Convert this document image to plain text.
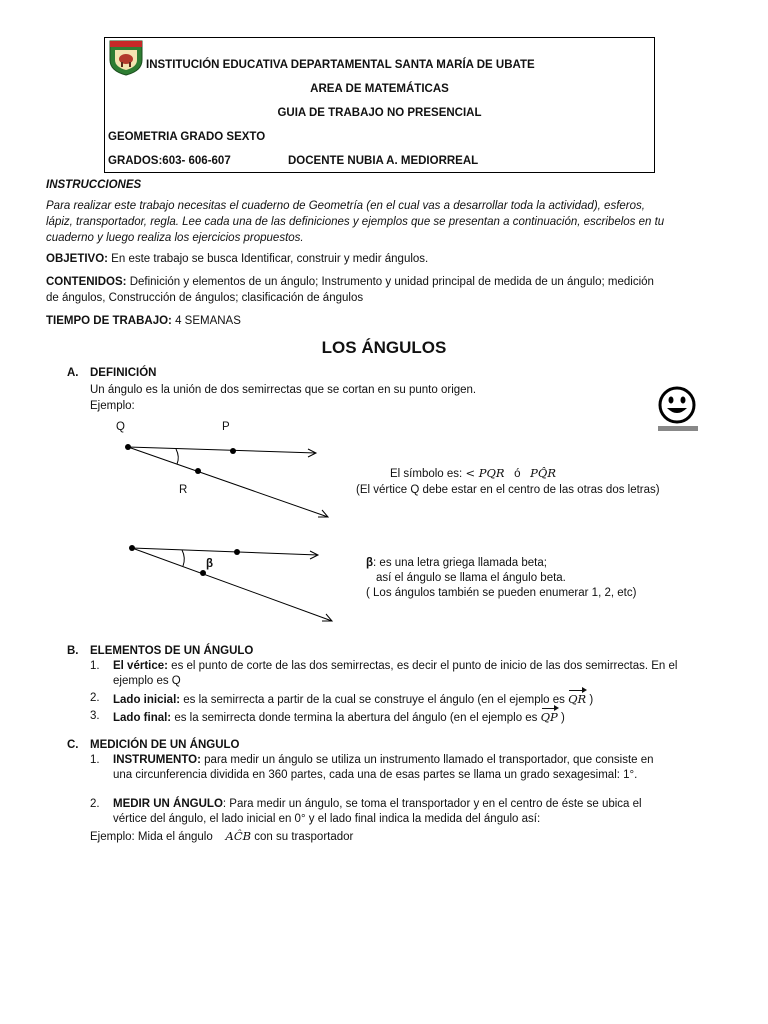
INSTITUCIÓN EDUCATIVA DEPARTAMENTAL SANTA MARÍA DE UBATE
AREA DE MATEMÁTICAS
GUIA DE TRABAJO NO PRESENCIAL
GEOMETRIA GRADO SEXTO
GRADOS:603- 606-607	DOCENTE NUBIA A. MEDIORREAL
INSTRUCCIONES
Para realizar este trabajo necesitas el cuaderno de Geometría (en el cual vas a desarrollar toda la actividad), esferos,
lápiz, transportador, regla. Lee cada una de las definiciones y ejemplos que se presentan a continuación, escribelos en tu
cuaderno y luego realiza los ejercicios propuestos.
OBJETIVO: En este trabajo se busca Identificar, construir y medir ángulos.
CONTENIDOS: Definición y elementos de un ángulo; Instrumento y unidad principal de medida de un ángulo; medición
de ángulos, Construcción de ángulos; clasificación de ángulos
TIEMPO DE TRABAJO: 4 SEMANAS
LOS ÁNGULOS
A. DEFINICIÓN
Un ángulo es la unión de dos semirrectas que se cortan en su punto origen.
Ejemplo:
Q	P
R
El símbolo es: < PQR ó PQ̂R
(El vértice Q debe estar en el centro de las otras dos letras)
β	β: es una letra griega llamada beta;
así el ángulo se llama el ángulo beta.
( Los ángulos también se pueden enumerar 1, 2, etc)
B. ELEMENTOS DE UN ÁNGULO
1. El vértice: es el punto de corte de las dos semirrectas, es decir el punto de inicio de las dos semirrectas. En el
ejemplo es Q
2. Lado inicial: es la semirrecta a partir de la cual se construye el ángulo (en el ejemplo es QR )
3. Lado final: es la semirrecta donde termina la abertura del ángulo (en el ejemplo es QP )
C. MEDICIÓN DE UN ÁNGULO
1. INSTRUMENTO: para medir un ángulo se utiliza un instrumento llamado el transportador, que consiste en
una circunferencia dividida en 360 partes, cada una de esas partes se llama un grado sexagesimal: 1°.
2. MEDIR UN ÁNGULO: Para medir un ángulo, se toma el transportador y en el centro de éste se ubica el
vértice del ángulo, el lado inicial en 0° y el lado final indica la medida del ángulo así:
Ejemplo: Mida el ángulo AĈB con su trasportador
